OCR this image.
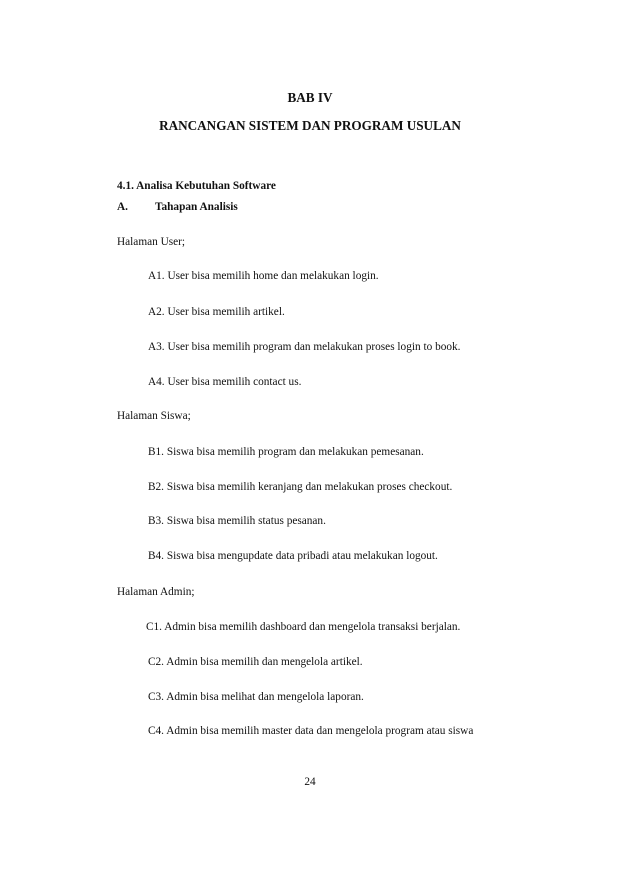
BAB IV
RANCANGAN SISTEM DAN PROGRAM USULAN
4.1. Analisa Kebutuhan Software
A. Tahapan Analisis
Halaman User;
A1. User bisa memilih home dan melakukan login.
A2. User bisa memilih artikel.
A3. User bisa memilih program dan melakukan proses login to book.
A4. User bisa memilih contact us.
Halaman Siswa;
B1. Siswa bisa memilih program dan melakukan pemesanan.
B2. Siswa bisa memilih keranjang dan melakukan proses checkout.
B3. Siswa bisa memilih status pesanan.
B4. Siswa bisa mengupdate data pribadi atau melakukan logout.
Halaman Admin;
C1. Admin bisa memilih dashboard dan mengelola transaksi berjalan.
C2. Admin bisa memilih dan mengelola artikel.
C3. Admin bisa melihat dan mengelola laporan.
C4. Admin bisa memilih master data dan mengelola program atau siswa
24
